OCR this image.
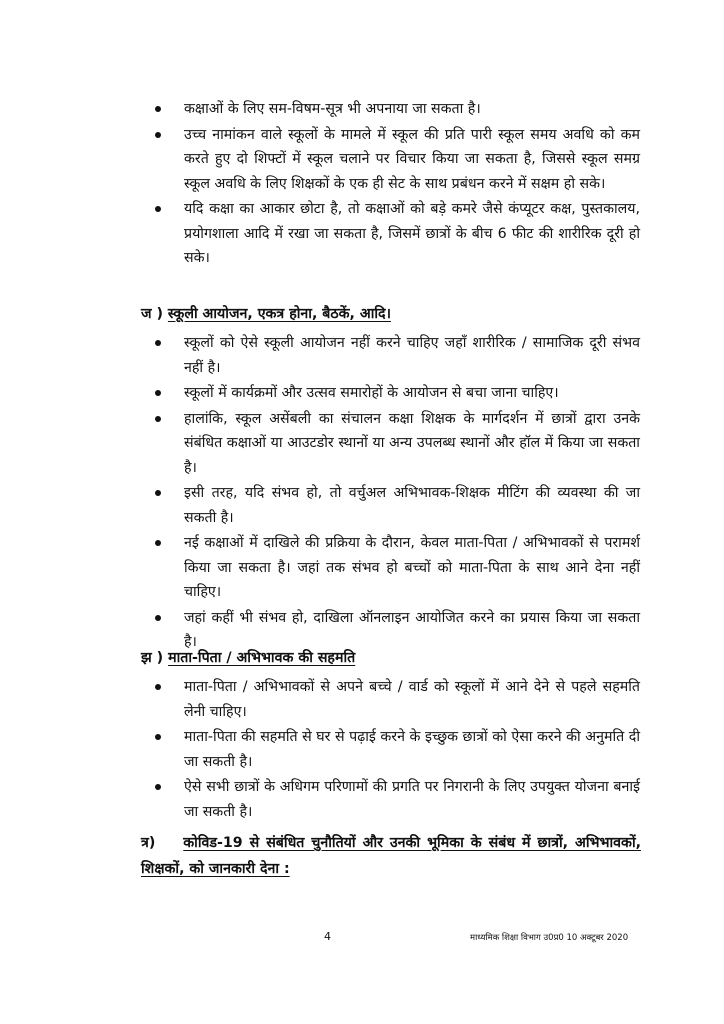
कक्षाओं के लिए सम-विषम-सूत्र भी अपनाया जा सकता है।
उच्च नामांकन वाले स्कूलों के मामले में स्कूल की प्रति पारी स्कूल समय अवधि को कम करते हुए दो शिफ्टों में स्कूल चलाने पर विचार किया जा सकता है, जिससे स्कूल समग्र स्कूल अवधि के लिए शिक्षकों के एक ही सेट के साथ प्रबंधन करने में सक्षम हो सके।
यदि कक्षा का आकार छोटा है, तो कक्षाओं को बड़े कमरे जैसे कंप्यूटर कक्ष, पुस्तकालय, प्रयोगशाला आदि में रखा जा सकता है, जिसमें छात्रों के बीच 6 फीट की शारीरिक दूरी हो सके।
ज ) स्कूली आयोजन, एकत्र होना, बैठकें, आदि।
स्कूलों को ऐसे स्कूली आयोजन नहीं करने चाहिए जहाँ शारीरिक / सामाजिक दूरी संभव नहीं है।
स्कूलों में कार्यक्रमों और उत्सव समारोहों के आयोजन से बचा जाना चाहिए।
हालांकि, स्कूल असेंबली का संचालन कक्षा शिक्षक के मार्गदर्शन में छात्रों द्वारा उनके संबंधित कक्षाओं या आउटडोर स्थानों या अन्य उपलब्ध स्थानों और हॉल में किया जा सकता है।
इसी तरह, यदि संभव हो, तो वर्चुअल अभिभावक-शिक्षक मीटिंग की व्यवस्था की जा सकती है।
नई कक्षाओं में दाखिले की प्रक्रिया के दौरान, केवल माता-पिता / अभिभावकों से परामर्श किया जा सकता है। जहां तक संभव हो बच्चों को माता-पिता के साथ आने देना नहीं चाहिए।
जहां कहीं भी संभव हो, दाखिला ऑनलाइन आयोजित करने का प्रयास किया जा सकता है।
झ ) माता-पिता / अभिभावक की सहमति
माता-पिता / अभिभावकों से अपने बच्चे / वार्ड को स्कूलों में आने देने से पहले सहमति लेनी चाहिए।
माता-पिता की सहमति से घर से पढ़ाई करने के इच्छुक छात्रों को ऐसा करने की अनुमति दी जा सकती है।
ऐसे सभी छात्रों के अधिगम परिणामों की प्रगति पर निगरानी के लिए उपयुक्त योजना बनाई जा सकती है।
त्र) कोविड-19 से संबंधित चुनौतियों और उनकी भूमिका के संबंध में छात्रों, अभिभावकों, शिक्षकों, को जानकारी देना :
4	माध्यमिक शिक्षा विभाग उ0प्र0 10 अक्टूबर 2020
